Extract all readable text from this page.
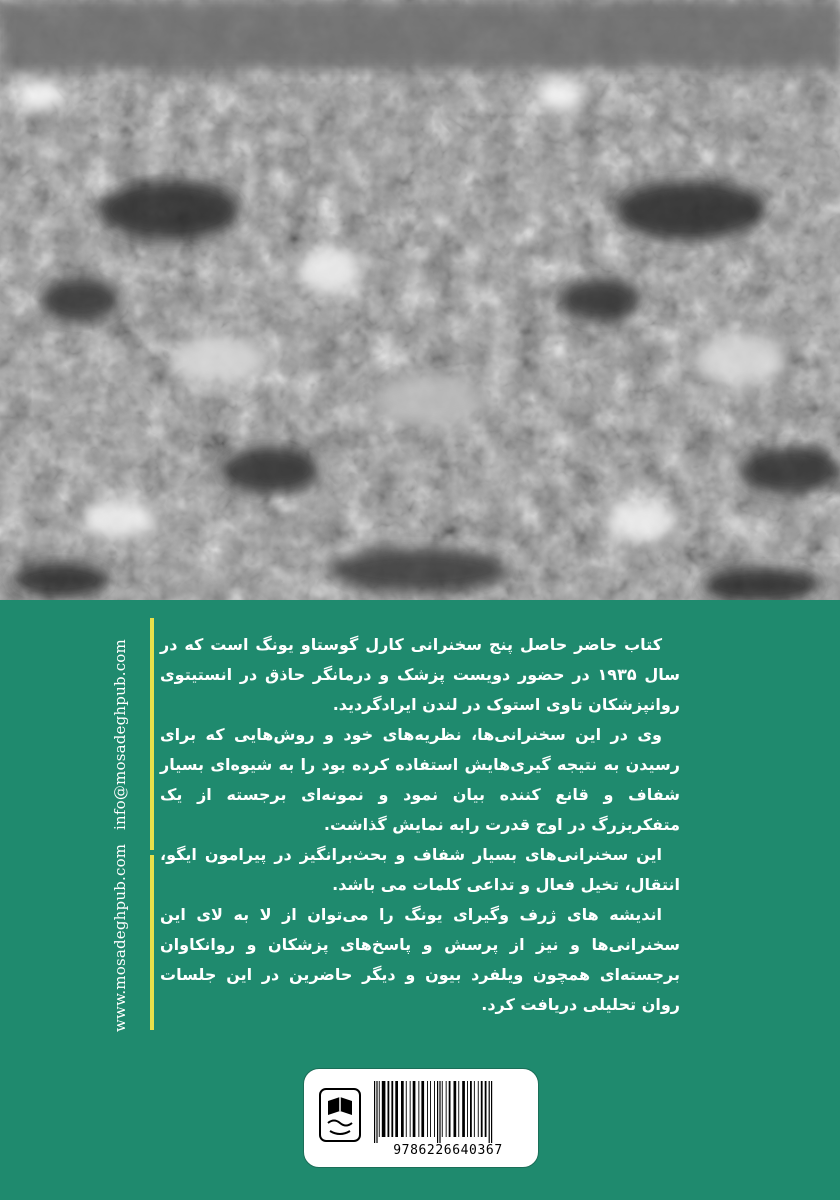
info@mosadeghpub.com
www.mosadeghpub.com

کتاب حاضر حاصل پنج سخنرانی کارل گوستاو یونگ است که در سال ۱۹۳۵ در حضور دویست پزشک و درمانگر حاذق در انستیتوی روانپزشکان تاوی استوک در لندن ایرادگردید.

وی در این سخنرانی‌ها، نظریه‌های خود و روش‌هایی که برای رسیدن به نتیجه گیری‌هایش استفاده کرده بود را به شیوه‌ای بسیار شفاف و قانع کننده بیان نمود و نمونه‌ای برجسته از یک متفکربزرگ در اوج قدرت رابه نمایش گذاشت.

این سخنرانی‌های بسیار شفاف و بحث‌برانگیز در پیرامون ایگو، انتقال، تخیل فعال و تداعی کلمات می باشد.

اندیشه های ژرف وگیرای یونگ را می‌توان از لا به لای این سخنرانی‌ها و نیز از پرسش و پاسخ‌های پزشکان و روانکاوان برجسته‌ای همچون ویلفرد بیون و دیگر حاضرین در این جلسات روان تحلیلی دریافت کرد.

9786226640367
